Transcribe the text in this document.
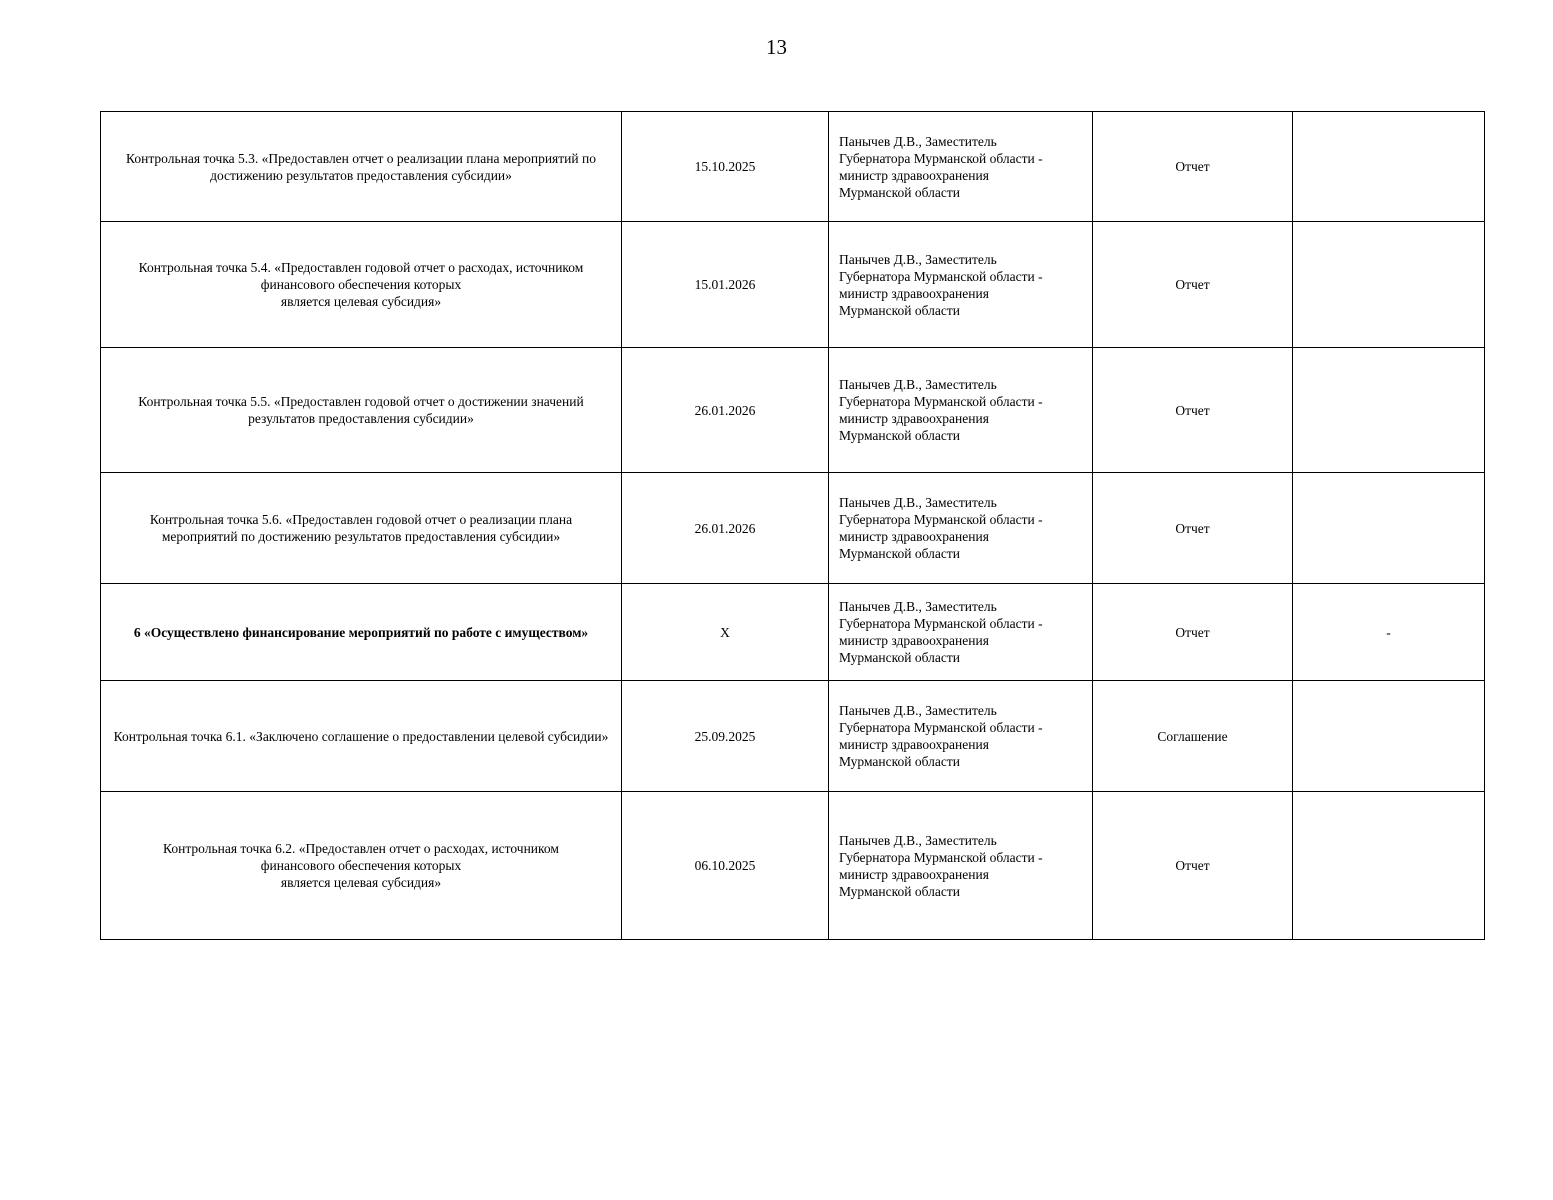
13
Контрольная точка 5.3. «Предоставлен отчет о реализации плана мероприятий по достижению результатов предоставления субсидии»	15.10.2025	Панычев Д.В., Заместитель
Губернатора Мурманской области -
министр здравоохранения
Мурманской области	Отчет	
Контрольная точка 5.4. «Предоставлен годовой отчет о расходах, источником
финансового обеспечения которых
является целевая субсидия»	15.01.2026	Панычев Д.В., Заместитель
Губернатора Мурманской области -
министр здравоохранения
Мурманской области	Отчет	
Контрольная точка 5.5. «Предоставлен годовой отчет о достижении значений результатов предоставления субсидии»	26.01.2026	Панычев Д.В., Заместитель
Губернатора Мурманской области -
министр здравоохранения
Мурманской области	Отчет	
Контрольная точка 5.6. «Предоставлен годовой отчет о реализации плана мероприятий по достижению результатов предоставления субсидии»	26.01.2026	Панычев Д.В., Заместитель
Губернатора Мурманской области -
министр здравоохранения
Мурманской области	Отчет	
6 «Осуществлено финансирование мероприятий по работе с имуществом»	X	Панычев Д.В., Заместитель
Губернатора Мурманской области -
министр здравоохранения
Мурманской области	Отчет	-
Контрольная точка 6.1. «Заключено соглашение о предоставлении целевой субсидии»	25.09.2025	Панычев Д.В., Заместитель
Губернатора Мурманской области -
министр здравоохранения
Мурманской области	Соглашение	
Контрольная точка 6.2. «Предоставлен отчет о расходах, источником
финансового обеспечения которых
является целевая субсидия»	06.10.2025	Панычев Д.В., Заместитель
Губернатора Мурманской области -
министр здравоохранения
Мурманской области	Отчет	
